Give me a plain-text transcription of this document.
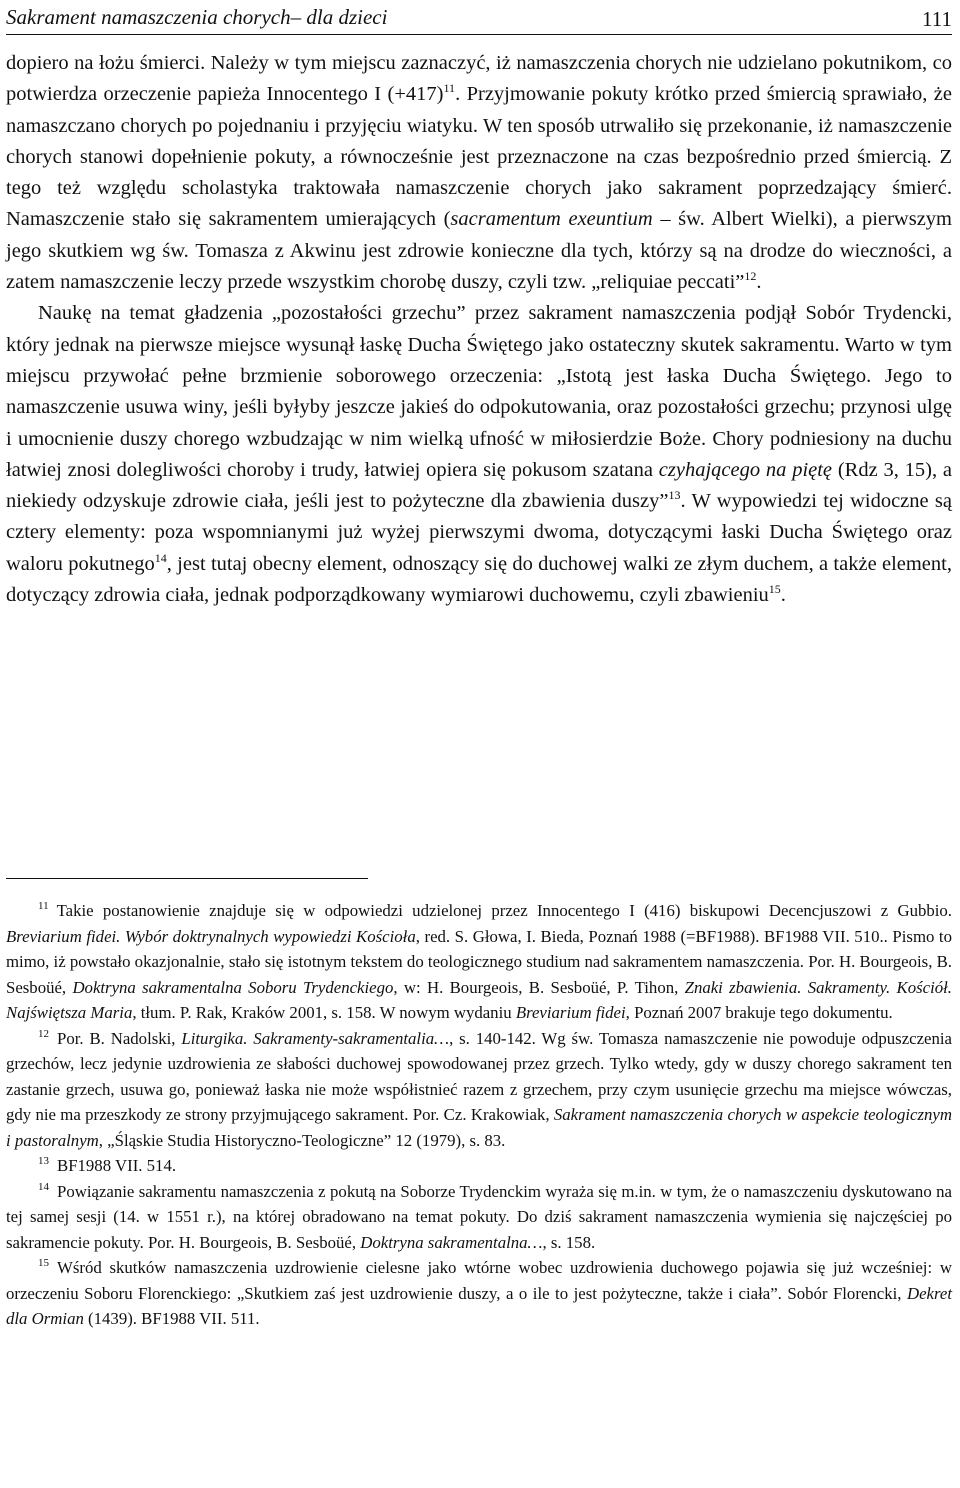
Sakrament namaszczenia chorych– dla dzieci	111

dopiero na łożu śmierci. Należy w tym miejscu zaznaczyć, iż namaszczenia chorych nie udzielano pokutnikom, co potwierdza orzeczenie papieża Innocentego I $(+417)^{11}$. Przyjmowanie pokuty krótko przed śmiercią sprawiało, że namaszczano chorych po pojednaniu i przyjęciu wiatyku. W ten sposób utrwaliło się przekonanie, iż namaszczenie chorych stanowi dopełnienie pokuty, a równocześnie jest przeznaczone na czas bezpośrednio przed śmiercią. Z tego też względu scholastyka traktowała namaszczenie chorych jako sakrament poprzedzający śmierć. Namaszczenie stało się sakramentem umierających (sacramentum exeuntium – św. Albert Wielki), a pierwszym jego skutkiem wg św. Tomasza z Akwinu jest zdrowie konieczne dla tych, którzy są na drodze do wieczności, a zatem namaszczenie leczy przede wszystkim chorobę duszy, czyli tzw. „reliquiae peccati”$^{12}$.

Naukę na temat gładzenia „pozostałości grzechu” przez sakrament namaszczenia podjął Sobór Trydencki, który jednak na pierwsze miejsce wysunął łaskę Ducha Świętego jako ostateczny skutek sakramentu. Warto w tym miejscu przywołać pełne brzmienie soborowego orzeczenia: „Istotą jest łaska Ducha Świętego. Jego to namaszczenie usuwa winy, jeśli byłyby jeszcze jakieś do odpokutowania, oraz pozostałości grzechu; przynosi ulgę i umocnienie duszy chorego wzbudzając w nim wielką ufność w miłosierdzie Boże. Chory podniesiony na duchu łatwiej znosi dolegliwości choroby i trudy, łatwiej opiera się pokusom szatana czyhającego na piętę (Rdz 3, 15), a niekiedy odzyskuje zdrowie ciała, jeśli jest to pożyteczne dla zbawienia duszy”$^{13}$. W wypowiedzi tej widoczne są cztery elementy: poza wspomnianymi już wyżej pierwszymi dwoma, dotyczącymi łaski Ducha Świętego oraz waloru pokutnego$^{14}$, jest tutaj obecny element, odnoszący się do duchowej walki ze złym duchem, a także element, dotyczący zdrowia ciała, jednak podporządkowany wymiarowi duchowemu, czyli zbawieniu$^{15}$.

$^{11}$ Takie postanowienie znajduje się w odpowiedzi udzielonej przez Innocentego I (416) biskupowi Decencjuszowi z Gubbio. Breviarium fidei. Wybór doktrynalnych wypowiedzi Kościoła, red. S. Głowa, I. Bieda, Poznań 1988 (=BF1988). BF1988 VII. 510.. Pismo to mimo, iż powstało okazjonalnie, stało się istotnym tekstem do teologicznego studium nad sakramentem namaszczenia. Por. H. Bourgeois, B. Sesboüé, Doktryna sakramentalna Soboru Trydenckiego, w: H. Bourgeois, B. Sesboüé, P. Tihon, Znaki zbawienia. Sakramenty. Kościół. Najświętsza Maria, tłum. P. Rak, Kraków 2001, s. 158. W nowym wydaniu Breviarium fidei, Poznań 2007 brakuje tego dokumentu.

$^{12}$ Por. B. Nadolski, Liturgika. Sakramenty-sakramentalia…, s. 140-142. Wg św. Tomasza namaszczenie nie powoduje odpuszczenia grzechów, lecz jedynie uzdrowienia ze słabości duchowej spowodowanej przez grzech. Tylko wtedy, gdy w duszy chorego sakrament ten zastanie grzech, usuwa go, ponieważ łaska nie może współistnieć razem z grzechem, przy czym usunięcie grzechu ma miejsce wówczas, gdy nie ma przeszkody ze strony przyjmującego sakrament. Por. Cz. Krakowiak, Sakrament namaszczenia chorych w aspekcie teologicznym i pastoralnym, „Śląskie Studia Historyczno-Teologiczne” 12 (1979), s. 83.

$^{13}$ BF1988 VII. 514.

$^{14}$ Powiązanie sakramentu namaszczenia z pokutą na Soborze Trydenckim wyraża się m.in. w tym, że o namaszczeniu dyskutowano na tej samej sesji (14. w 1551 r.), na której obradowano na temat pokuty. Do dziś sakrament namaszczenia wymienia się najczęściej po sakramencie pokuty. Por. H. Bourgeois, B. Sesboüé, Doktryna sakramentalna…, s. 158.

$^{15}$ Wśród skutków namaszczenia uzdrowienie cielesne jako wtórne wobec uzdrowienia duchowego pojawia się już wcześniej: w orzeczeniu Soboru Florenckiego: „Skutkiem zaś jest uzdrowienie duszy, a o ile to jest pożyteczne, także i ciała”. Sobór Florencki, Dekret dla Ormian (1439). BF1988 VII. 511.
